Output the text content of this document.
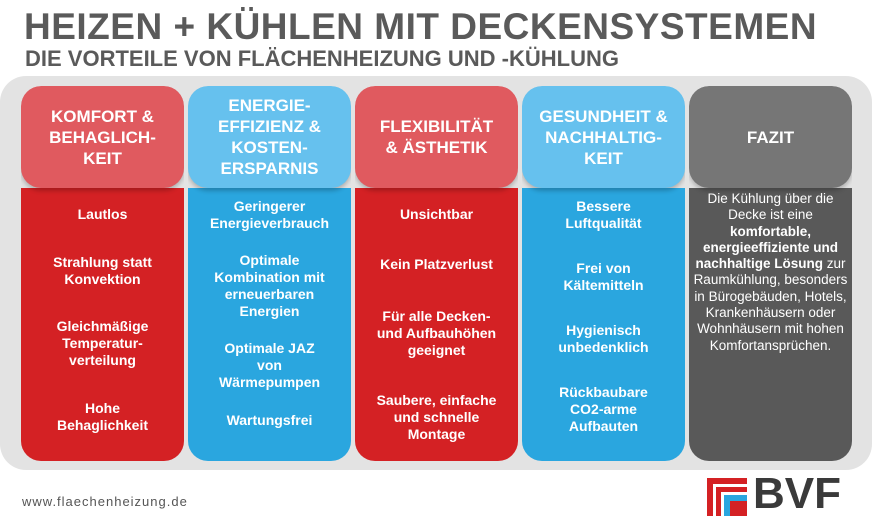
HEIZEN + KÜHLEN MIT DECKENSYSTEMEN
DIE VORTEILE VON FLÄCHENHEIZUNG UND -KÜHLUNG
Lautlos
Strahlung statt
Konvektion
Gleichmäßige
Temperatur-
verteilung
Hohe
Behaglichkeit
KOMFORT &
BEHAGLICH-
KEIT
Geringerer
Energieverbrauch
Optimale
Kombination mit
erneuerbaren
Energien
Optimale JAZ
von
Wärmepumpen
Wartungsfrei
ENERGIE-
EFFIZIENZ &
KOSTEN-
ERSPARNIS
Unsichtbar
Kein Platzverlust
Für alle Decken-
und Aufbauhöhen
geeignet
Saubere, einfache
und schnelle
Montage
FLEXIBILITÄT
& ÄSTHETIK
Bessere
Luftqualität
Frei von
Kältemitteln
Hygienisch
unbedenklich
Rückbaubare
CO2-arme
Aufbauten
GESUNDHEIT &
NACHHALTIG-
KEIT
Die Kühlung über die Decke ist eine komfortable, energieeffiziente und nachhaltige Lösung zur Raumkühlung, besonders in Bürogebäuden, Hotels, Krankenhäusern oder Wohnhäusern mit hohen Komfortansprüchen.
FAZIT

www.flaechenheizung.de	BVF
